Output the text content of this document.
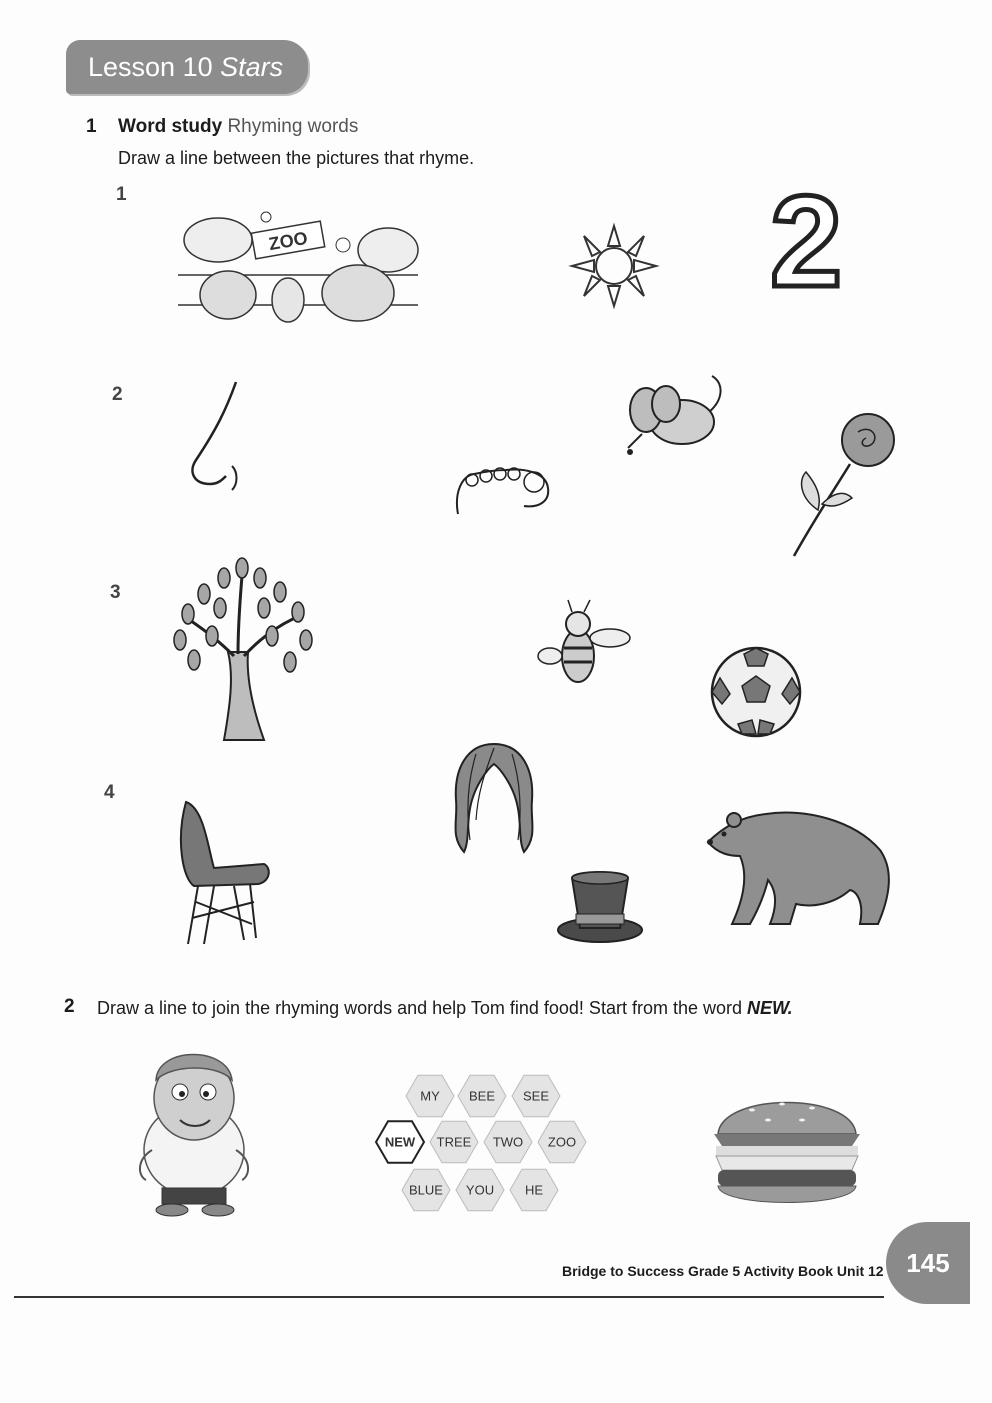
Lesson 10 Stars
1 Word study Rhyming words
Draw a line between the pictures that rhyme.
1
2
3
4
ZOO	2
2 Draw a line to join the rhyming words and help Tom find food! Start from the word NEW.
MY BEE SEE
NEW TREE TWO ZOO
BLUE YOU HE
Bridge to Success Grade 5 Activity Book Unit 12 145
